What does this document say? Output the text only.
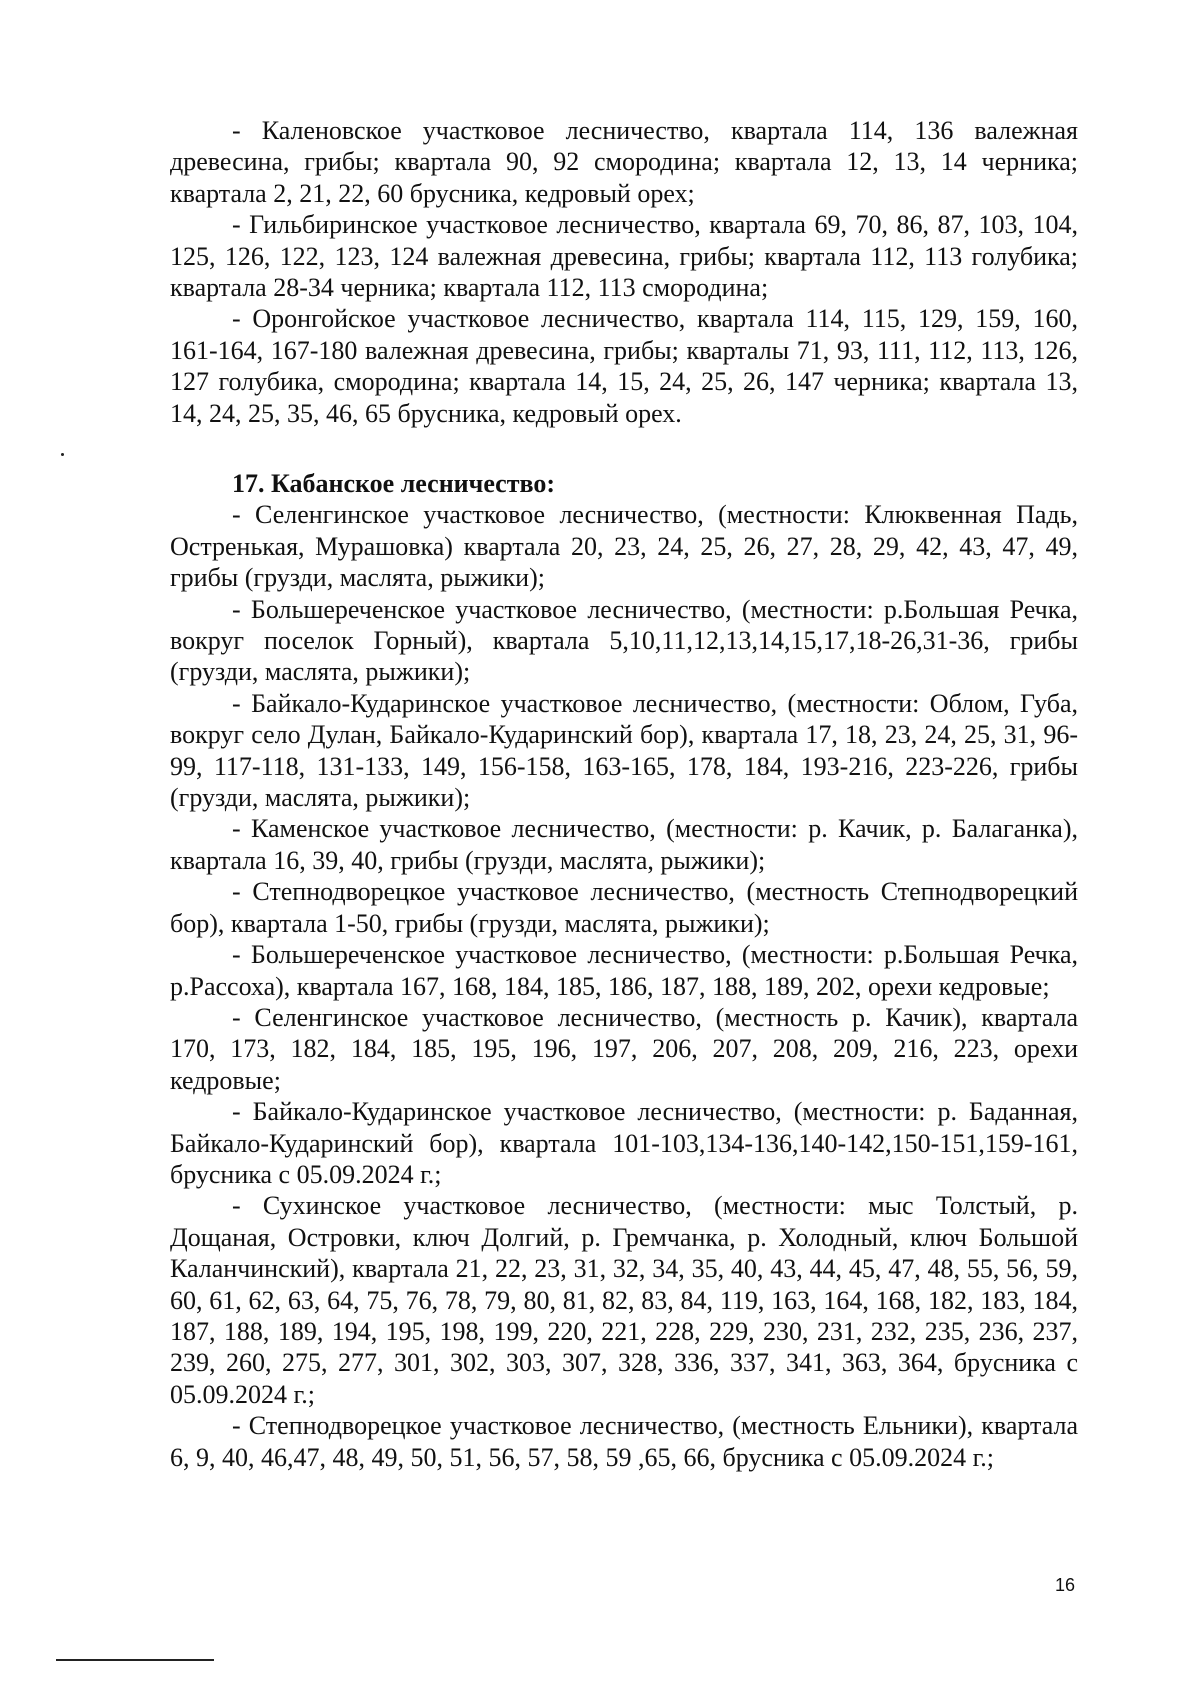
- Каленовское участковое лесничество, квартала 114, 136 валежная древесина, грибы; квартала 90, 92 смородина; квартала 12, 13, 14 черника; квартала 2, 21, 22, 60 брусника, кедровый орех;

- Гильбиринское участковое лесничество, квартала 69, 70, 86, 87, 103, 104, 125, 126, 122, 123, 124 валежная древесина, грибы; квартала 112, 113 голубика; квартала 28-34 черника; квартала 112, 113 смородина;

- Оронгойское участковое лесничество, квартала 114, 115, 129, 159, 160, 161-164, 167-180 валежная древесина, грибы; кварталы 71, 93, 111, 112, 113, 126, 127 голубика, смородина; квартала 14, 15, 24, 25, 26, 147 черника; квартала 13, 14, 24, 25, 35, 46, 65 брусника, кедровый орех.

17. Кабанское лесничество:

- Селенгинское участковое лесничество, (местности: Клюквенная Падь, Остренькая, Мурашовка) квартала 20, 23, 24, 25, 26, 27, 28, 29, 42, 43, 47, 49, грибы (грузди, маслята, рыжики);

- Большереченское участковое лесничество, (местности: р.Большая Речка, вокруг поселок Горный), квартала 5,10,11,12,13,14,15,17,18-26,31-36, грибы (грузди, маслята, рыжики);

- Байкало-Кударинское участковое лесничество, (местности: Облом, Губа, вокруг село Дулан, Байкало-Кударинский бор), квартала 17, 18, 23, 24, 25, 31, 96-99, 117-118, 131-133, 149, 156-158, 163-165, 178, 184, 193-216, 223-226, грибы (грузди, маслята, рыжики);

- Каменское участковое лесничество, (местности: р. Качик, р. Балаганка), квартала 16, 39, 40, грибы (грузди, маслята, рыжики);

- Степнодворецкое участковое лесничество, (местность Степнодворецкий бор), квартала 1-50, грибы (грузди, маслята, рыжики);

- Большереченское участковое лесничество, (местности: р.Большая Речка, р.Рассоха), квартала 167, 168, 184, 185, 186, 187, 188, 189, 202, орехи кедровые;

- Селенгинское участковое лесничество, (местность р. Качик), квартала 170, 173, 182, 184, 185, 195, 196, 197, 206, 207, 208, 209, 216, 223, орехи кедровые;

- Байкало-Кударинское участковое лесничество, (местности: р. Баданная, Байкало-Кударинский бор), квартала 101-103,134-136,140-142,150-151,159-161, брусника с 05.09.2024 г.;

- Сухинское участковое лесничество, (местности: мыс Толстый, р. Дощаная, Островки, ключ Долгий, р. Гремчанка, р. Холодный, ключ Большой Каланчинский), квартала 21, 22, 23, 31, 32, 34, 35, 40, 43, 44, 45, 47, 48, 55, 56, 59, 60, 61, 62, 63, 64, 75, 76, 78, 79, 80, 81, 82, 83, 84, 119, 163, 164, 168, 182, 183, 184, 187, 188, 189, 194, 195, 198, 199, 220, 221, 228, 229, 230, 231, 232, 235, 236, 237, 239, 260, 275, 277, 301, 302, 303, 307, 328, 336, 337, 341, 363, 364, брусника с 05.09.2024 г.;

- Степнодворецкое участковое лесничество, (местность Ельники), квартала 6, 9, 40, 46,47, 48, 49, 50, 51, 56, 57, 58, 59 ,65, 66, брусника с 05.09.2024 г.;

16
